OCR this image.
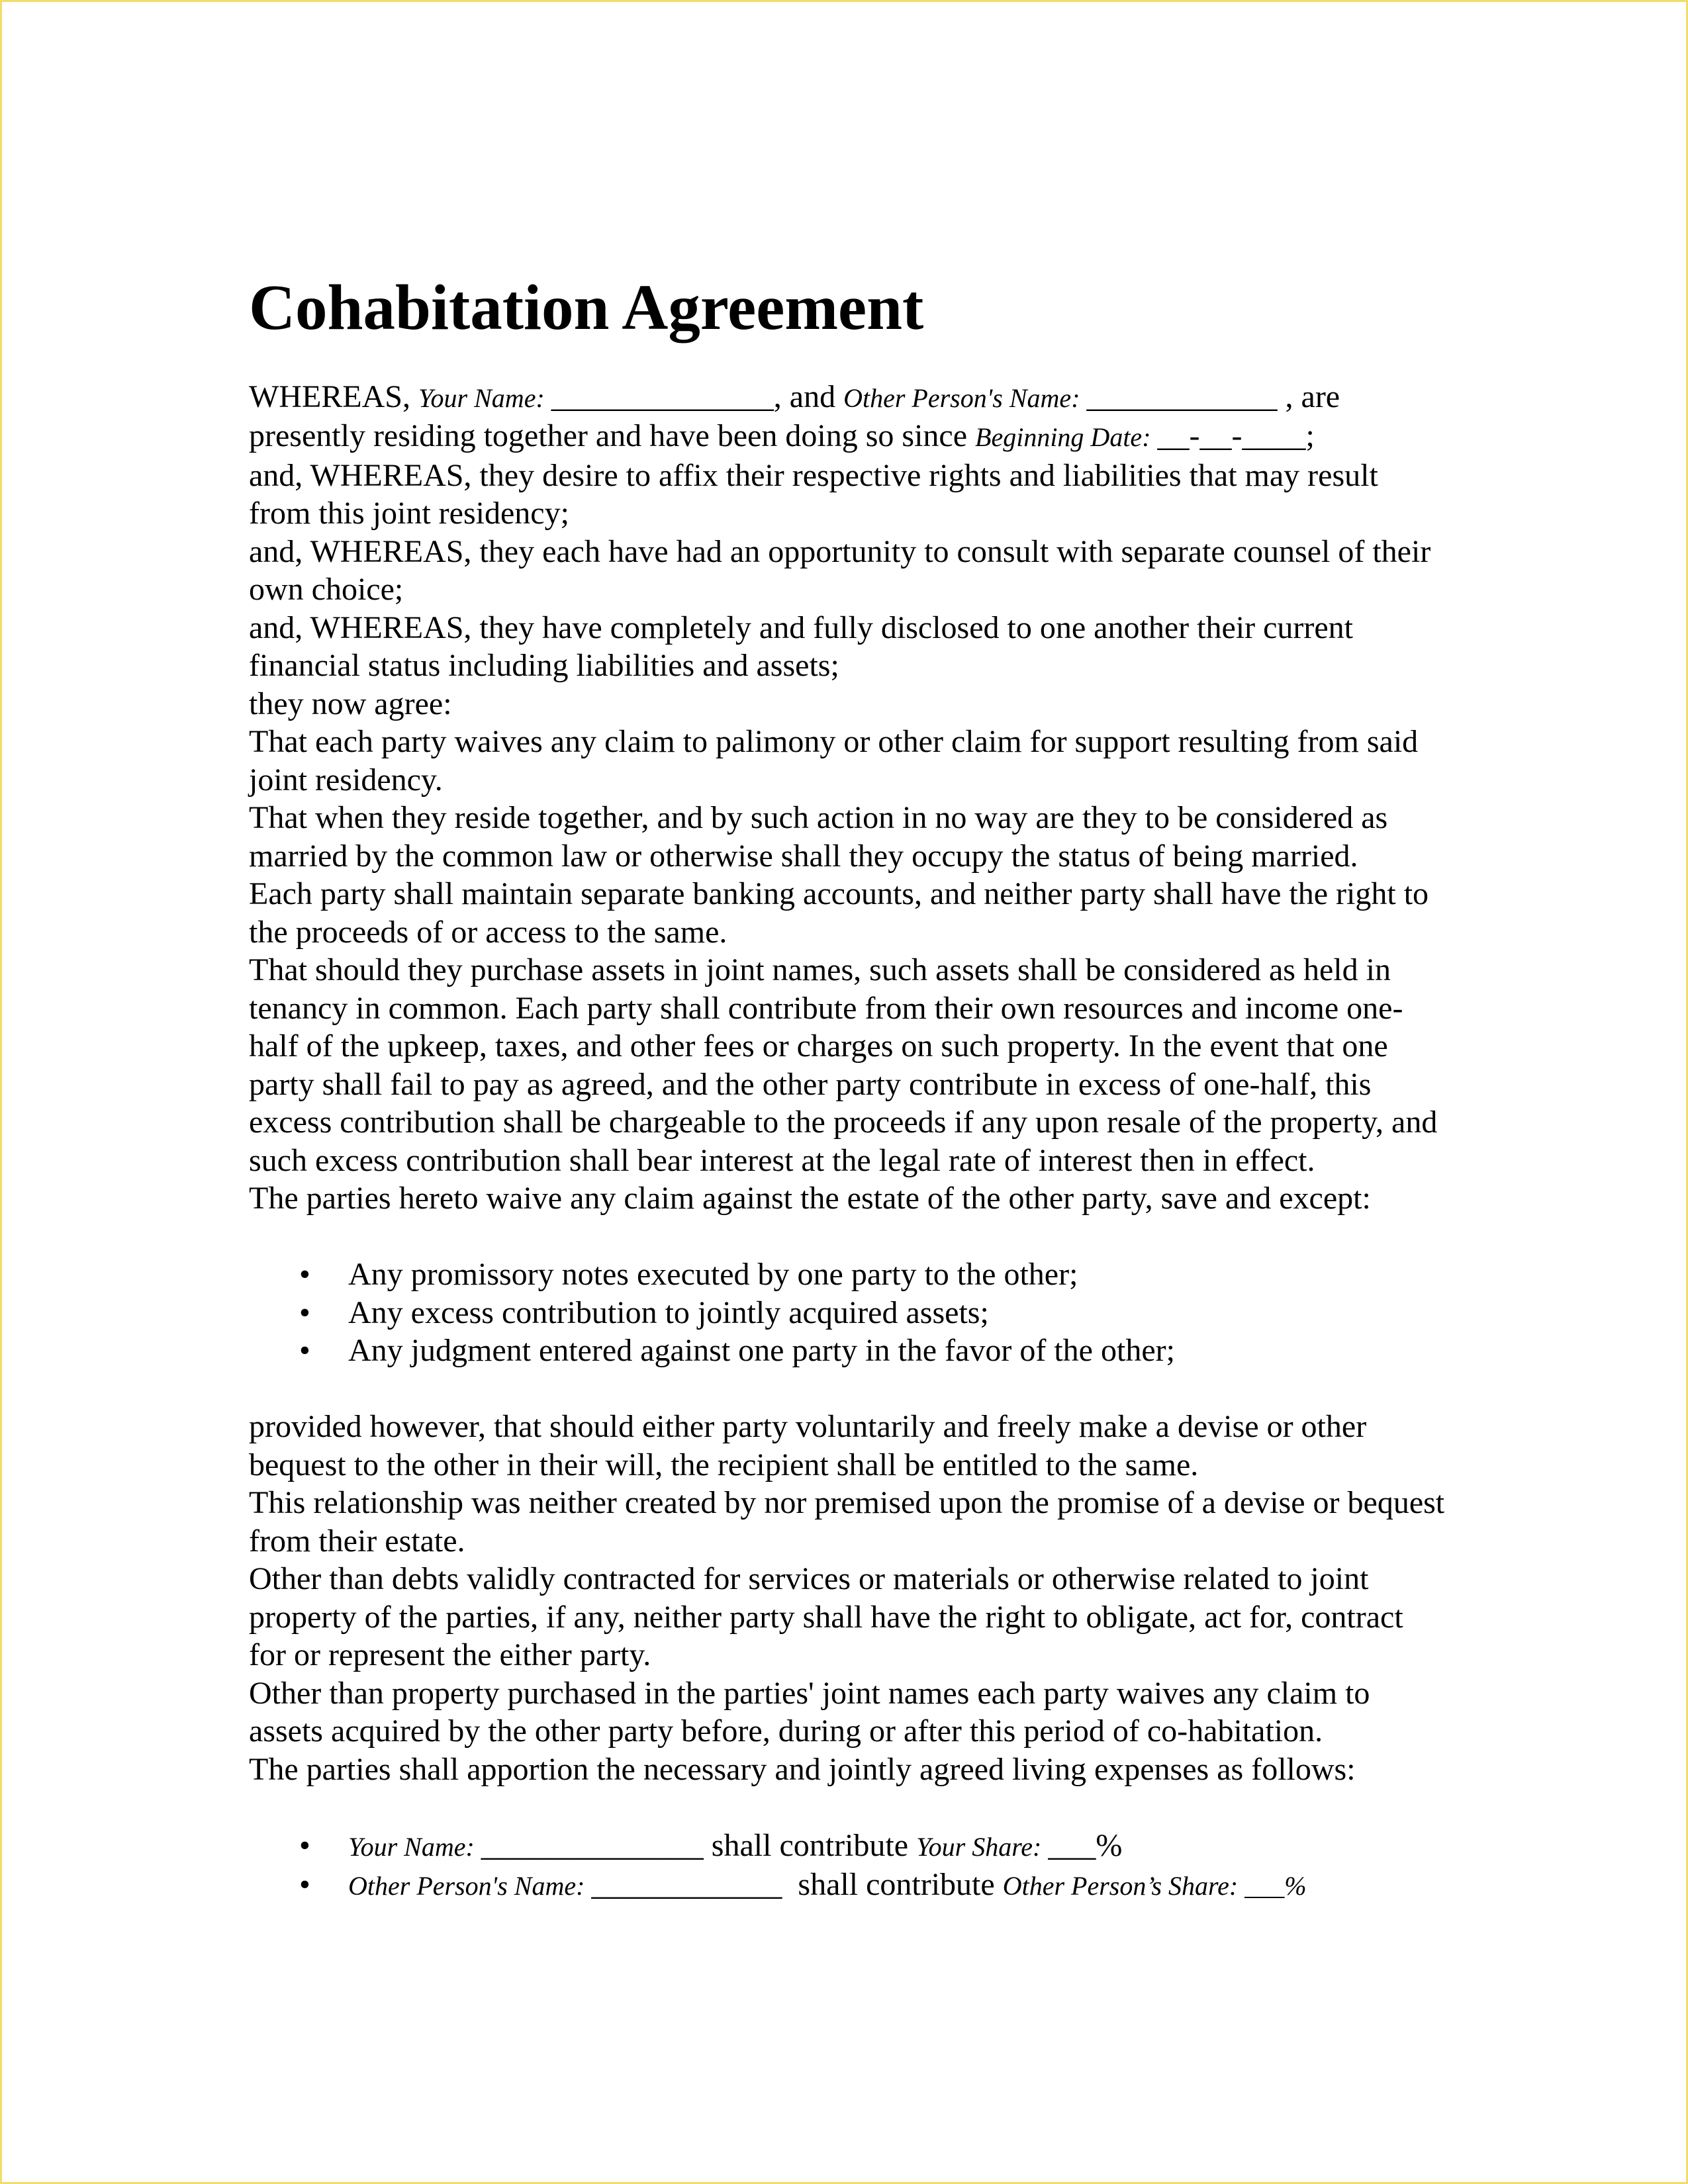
Cohabitation Agreement

WHEREAS, Your Name: ______________, and Other Person's Name: ____________ , are presently residing together and have been doing so since Beginning Date: __-__-____;

and, WHEREAS, they desire to affix their respective rights and liabilities that may result from this joint residency;

and, WHEREAS, they each have had an opportunity to consult with separate counsel of their own choice;

and, WHEREAS, they have completely and fully disclosed to one another their current financial status including liabilities and assets;

they now agree:

That each party waives any claim to palimony or other claim for support resulting from said joint residency.

That when they reside together, and by such action in no way are they to be considered as married by the common law or otherwise shall they occupy the status of being married.

Each party shall maintain separate banking accounts, and neither party shall have the right to the proceeds of or access to the same.

That should they purchase assets in joint names, such assets shall be considered as held in tenancy in common. Each party shall contribute from their own resources and income one-half of the upkeep, taxes, and other fees or charges on such property. In the event that one party shall fail to pay as agreed, and the other party contribute in excess of one-half, this excess contribution shall be chargeable to the proceeds if any upon resale of the property, and such excess contribution shall bear interest at the legal rate of interest then in effect.

The parties hereto waive any claim against the estate of the other party, save and except:

• Any promissory notes executed by one party to the other;
• Any excess contribution to jointly acquired assets;
• Any judgment entered against one party in the favor of the other;

provided however, that should either party voluntarily and freely make a devise or other bequest to the other in their will, the recipient shall be entitled to the same.

This relationship was neither created by nor premised upon the promise of a devise or bequest from their estate.

Other than debts validly contracted for services or materials or otherwise related to joint property of the parties, if any, neither party shall have the right to obligate, act for, contract for or represent the either party.

Other than property purchased in the parties' joint names each party waives any claim to assets acquired by the other party before, during or after this period of co-habitation.

The parties shall apportion the necessary and jointly agreed living expenses as follows:

• Your Name: ______________ shall contribute Your Share: ___%
• Other Person's Name: ____________  shall contribute Other Person’s Share: ___%
